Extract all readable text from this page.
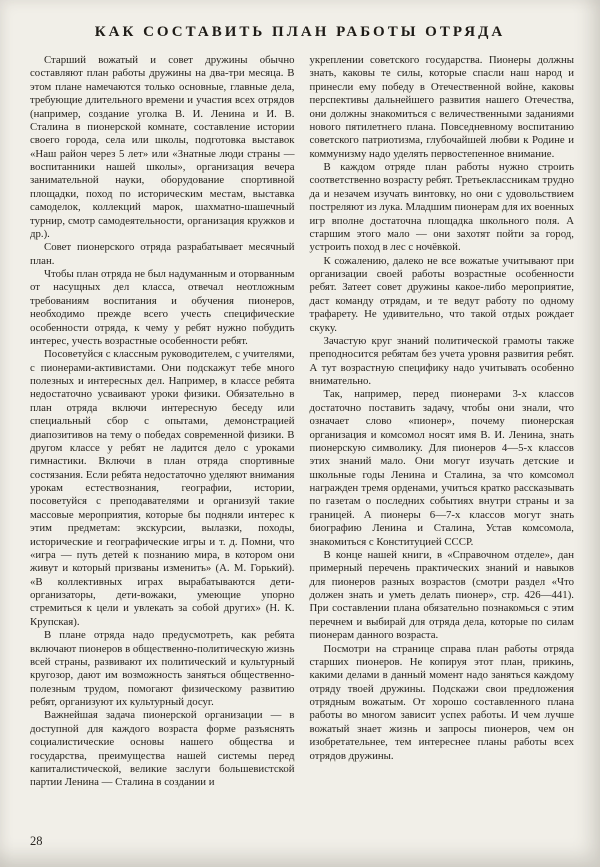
КАК СОСТАВИТЬ ПЛАН РАБОТЫ ОТРЯДА

Старший вожатый и совет дружины обычно составляют план работы дружины на два-три месяца. В этом плане намечаются только основные, главные дела, требующие длительного времени и участия всех отрядов (например, создание уголка В. И. Ленина и И. В. Сталина в пионерской комнате, составление истории своего города, села или школы, подготовка выставок «Наш район через 5 лет» или «Знатные люди страны — воспитанники нашей школы», организация вечера занимательной науки, оборудование спортивной площадки, поход по историческим местам, выставка самоделок, коллекций марок, шахматно-шашечный турнир, смотр самодеятельности, организация кружков и др.).

Совет пионерского отряда разрабатывает месячный план.

Чтобы план отряда не был надуманным и оторванным от насущных дел класса, отвечал неотложным требованиям воспитания и обучения пионеров, необходимо прежде всего учесть специфические особенности отряда, к чему у ребят нужно побудить интерес, учесть возрастные особенности ребят.

Посоветуйся с классным руководителем, с учителями, с пионерами-активистами. Они подскажут тебе много полезных и интересных дел. Например, в классе ребята недостаточно усваивают уроки физики. Обязательно в план отряда включи интересную беседу или специальный сбор с опытами, демонстрацией диапозитивов на тему о победах современной физики. В другом классе у ребят не ладится дело с уроками гимнастики. Включи в план отряда спортивные состязания. Если ребята недостаточно уделяют внимания урокам естествознания, географии, истории, посоветуйся с преподавателями и организуй такие массовые мероприятия, которые бы подняли интерес к этим предметам: экскурсии, вылазки, походы, исторические и географические игры и т. д. Помни, что «игра — путь детей к познанию мира, в котором они живут и который призваны изменить» (А. М. Горький). «В коллективных играх вырабатываются дети-организаторы, дети-вожаки, умеющие упорно стремиться к цели и увлекать за собой других» (Н. К. Крупская).

В плане отряда надо предусмотреть, как ребята включают пионеров в общественно-политическую жизнь всей страны, развивают их политический и культурный кругозор, дают им возможность заняться общественно-полезным трудом, помогают физическому развитию ребят, организуют их культурный досуг.

Важнейшая задача пионерской организации — в доступной для каждого возраста форме разъяснять социалистические основы нашего общества и государства, преимущества нашей системы перед капиталистической, великие заслуги большевистской партии Ленина — Сталина в создании и

укреплении советского государства. Пионеры должны знать, каковы те силы, которые спасли наш народ и принесли ему победу в Отечественной войне, каковы перспективы дальнейшего развития нашего Отечества, они должны знакомиться с величественными заданиями нового пятилетнего плана. Повседневному воспитанию советского патриотизма, глубочайшей любви к Родине и коммунизму надо уделять первостепенное внимание.

В каждом отряде план работы нужно строить соответственно возрасту ребят. Третьеклассникам трудно да и незачем изучать винтовку, но они с удовольствием постреляют из лука. Младшим пионерам для их военных игр вполне достаточна площадка школьного поля. А старшим этого мало — они захотят пойти за город, устроить поход в лес с ночёвкой.

К сожалению, далеко не все вожатые учитывают при организации своей работы возрастные особенности ребят. Затеет совет дружины какое-либо мероприятие, даст команду отрядам, и те ведут работу по одному трафарету. Не удивительно, что такой отдых рождает скуку.

Зачастую круг знаний политической грамоты также преподносится ребятам без учета уровня развития ребят. А тут возрастную специфику надо учитывать особенно внимательно.

Так, например, перед пионерами 3-х классов достаточно поставить задачу, чтобы они знали, что означает слово «пионер», почему пионерская организация и комсомол носят имя В. И. Ленина, знать пионерскую символику. Для пионеров 4—5-х классов этих знаний мало. Они могут изучать детские и школьные годы Ленина и Сталина, за что комсомол награжден тремя орденами, учиться кратко рассказывать по газетам о последних событиях внутри страны и за границей. А пионеры 6—7-х классов могут знать биографию Ленина и Сталина, Устав комсомола, знакомиться с Конституцией СССР.

В конце нашей книги, в «Справочном отделе», дан примерный перечень практических знаний и навыков для пионеров разных возрастов (смотри раздел «Что должен знать и уметь делать пионер», стр. 426—441). При составлении плана обязательно познакомься с этим перечнем и выбирай для отряда дела, которые по силам пионерам данного возраста.

Посмотри на странице справа план работы отряда старших пионеров. Не копируя этот план, прикинь, какими делами в данный момент надо заняться каждому отряду твоей дружины. Подскажи свои предложения отрядным вожатым. От хорошо составленного плана работы во многом зависит успех работы. И чем лучше вожатый знает жизнь и запросы пионеров, чем он изобретательнее, тем интереснее планы работы всех отрядов дружины.

28
